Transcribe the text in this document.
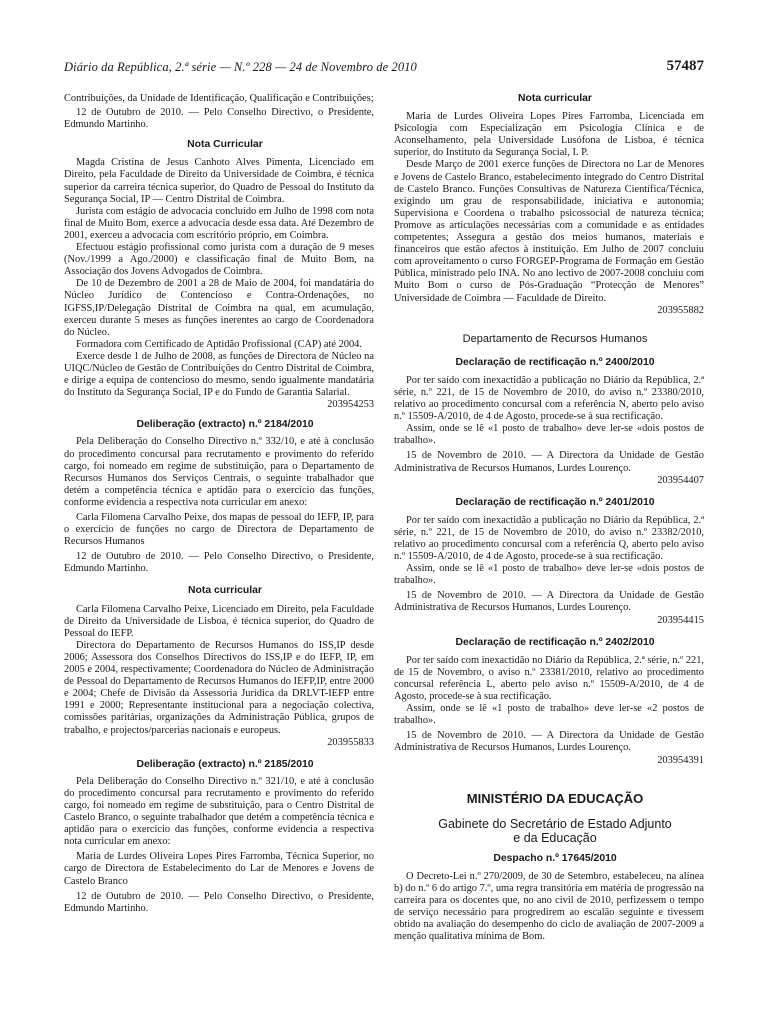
Diário da República, 2.ª série — N.º 228 — 24 de Novembro de 2010	57487

Contribuições, da Unidade de Identificação, Qualificação e Contribuições;

12 de Outubro de 2010. — Pelo Conselho Directivo, o Presidente, Edmundo Martinho.

Nota Curricular

Magda Cristina de Jesus Canhoto Alves Pimenta, Licenciado em Direito, pela Faculdade de Direito da Universidade de Coimbra, é técnica superior da carreira técnica superior, do Quadro de Pessoal do Instituto da Segurança Social, IP — Centro Distrital de Coimbra.

Jurista com estágio de advocacia concluído em Julho de 1998 com nota final de Muito Bom, exerce a advocacia desde essa data. Até Dezembro de 2001, exerceu a advocacia com escritório próprio, em Coimbra.

Efectuou estágio profissional como jurista com a duração de 9 meses (Nov./1999 a Ago./2000) e classificação final de Muito Bom, na Associação dos Jovens Advogados de Coimbra.

De 10 de Dezembro de 2001 a 28 de Maio de 2004, foi mandatária do Núcleo Jurídico de Contencioso e Contra-Ordenações, no IGFSS,IP/Delegação Distrital de Coimbra na qual, em acumulação, exerceu durante 5 meses as funções inerentes ao cargo de Coordenadora do Núcleo.

Formadora com Certificado de Aptidão Profissional (CAP) até 2004.

Exerce desde 1 de Julho de 2008, as funções de Directora de Núcleo na UIQC/Núcleo de Gestão de Contribuições do Centro Distrital de Coimbra, e dirige a equipa de contencioso do mesmo, sendo igualmente mandatária do Instituto da Segurança Social, IP e do Fundo de Garantia Salarial.

203954253

Deliberação (extracto) n.º 2184/2010

Pela Deliberação do Conselho Directivo n.º 332/10, e até à conclusão do procedimento concursal para recrutamento e provimento do referido cargo, foi nomeado em regime de substituição, para o Departamento de Recursos Humanos dos Serviços Centrais, o seguinte trabalhador que detém a competência técnica e aptidão para o exercício das funções, conforme evidencia a respectiva nota curricular em anexo:

Carla Filomena Carvalho Peixe, dos mapas de pessoal do IEFP, IP, para o exercício de funções no cargo de Directora de Departamento de Recursos Humanos

12 de Outubro de 2010. — Pelo Conselho Directivo, o Presidente, Edmundo Martinho.

Nota curricular

Carla Filomena Carvalho Peixe, Licenciado em Direito, pela Faculdade de Direito da Universidade de Lisboa, é técnica superior, do Quadro de Pessoal do IEFP.

Directora do Departamento de Recursos Humanos do ISS,IP desde 2006; Assessora dos Conselhos Directivos do ISS,IP e do IEFP, IP, em 2005 e 2004, respectivamente; Coordenadora do Núcleo de Administração de Pessoal do Departamento de Recursos Humanos do IEFP,IP, entre 2000 e 2004; Chefe de Divisão da Assessoria Jurídica da DRLVT-IEFP entre 1991 e 2000; Representante institucional para a negociação colectiva, comissões paritárias, organizações da Administração Pública, grupos de trabalho, e projectos/parcerias nacionais e europeus.

203955833

Deliberação (extracto) n.º 2185/2010

Pela Deliberação do Conselho Directivo n.º 321/10, e até à conclusão do procedimento concursal para recrutamento e provimento do referido cargo, foi nomeado em regime de substituição, para o Centro Distrital de Castelo Branco, o seguinte trabalhador que detém a competência técnica e aptidão para o exercício das funções, conforme evidencia a respectiva nota curricular em anexo:

Maria de Lurdes Oliveira Lopes Pires Farromba, Técnica Superior, no cargo de Directora de Estabelecimento do Lar de Menores e Jovens de Castelo Branco

12 de Outubro de 2010. — Pelo Conselho Directivo, o Presidente, Edmundo Martinho.

Nota curricular

Maria de Lurdes Oliveira Lopes Pires Farromba, Licenciada em Psicologia com Especialização em Psicologia Clínica e de Aconselhamento, pela Universidade Lusófona de Lisboa, é técnica superior, do Instituto da Segurança Social, I. P.

Desde Março de 2001 exerce funções de Directora no Lar de Menores e Jovens de Castelo Branco, estabelecimento integrado do Centro Distrital de Castelo Branco. Funções Consultivas de Natureza Científica/Técnica, exigindo um grau de responsabilidade, iniciativa e autonomia; Supervisiona e Coordena o trabalho psicossocial de natureza técnica; Promove as articulações necessárias com a comunidade e as entidades competentes; Assegura a gestão dos meios humanos, materiais e financeiros que estão afectos à instituição. Em Julho de 2007 concluiu com aproveitamento o curso FORGEP-Programa de Formação em Gestão Pública, ministrado pelo INA. No ano lectivo de 2007-2008 concluiu com Muito Bom o curso de Pós-Graduação “Protecção de Menores” Universidade de Coimbra — Faculdade de Direito.

203955882

Departamento de Recursos Humanos

Declaração de rectificação n.º 2400/2010

Por ter saído com inexactidão a publicação no Diário da República, 2.ª série, n.º 221, de 15 de Novembro de 2010, do aviso n.º 23380/2010, relativo ao procedimento concursal com a referência N, aberto pelo aviso n.º 15509-A/2010, de 4 de Agosto, procede-se à sua rectificação.

Assim, onde se lê «1 posto de trabalho» deve ler-se «dois postos de trabalho».

15 de Novembro de 2010. — A Directora da Unidade de Gestão Administrativa de Recursos Humanos, Lurdes Lourenço.

203954407

Declaração de rectificação n.º 2401/2010

Por ter saído com inexactidão a publicação no Diário da República, 2.ª série, n.º 221, de 15 de Novembro de 2010, do aviso n.º 23382/2010, relativo ao procedimento concursal com a referência Q, aberto pelo aviso n.º 15509-A/2010, de 4 de Agosto, procede-se à sua rectificação.

Assim, onde se lê «1 posto de trabalho» deve ler-se «dois postos de trabalho».

15 de Novembro de 2010. — A Directora da Unidade de Gestão Administrativa de Recursos Humanos, Lurdes Lourenço.

203954415

Declaração de rectificação n.º 2402/2010

Por ter saído com inexactidão no Diário da República, 2.ª série, n.º 221, de 15 de Novembro, o aviso n.º 23381/2010, relativo ao procedimento concursal referência L, aberto pelo aviso n.º 15509-A/2010, de 4 de Agosto, procede-se à sua rectificação.

Assim, onde se lê «1 posto de trabalho» deve ler-se «2 postos de trabalho».

15 de Novembro de 2010. — A Directora da Unidade de Gestão Administrativa de Recursos Humanos, Lurdes Lourenço.

203954391

MINISTÉRIO DA EDUCAÇÃO

Gabinete do Secretário de Estado Adjunto

e da Educação

Despacho n.º 17645/2010

O Decreto-Lei n.º 270/2009, de 30 de Setembro, estabeleceu, na alínea b) do n.º 6 do artigo 7.º, uma regra transitória em matéria de progressão na carreira para os docentes que, no ano civil de 2010, perfizessem o tempo de serviço necessário para progredirem ao escalão seguinte e tivessem obtido na avaliação do desempenho do ciclo de avaliação de 2007-2009 a menção qualitativa mínima de Bom.
